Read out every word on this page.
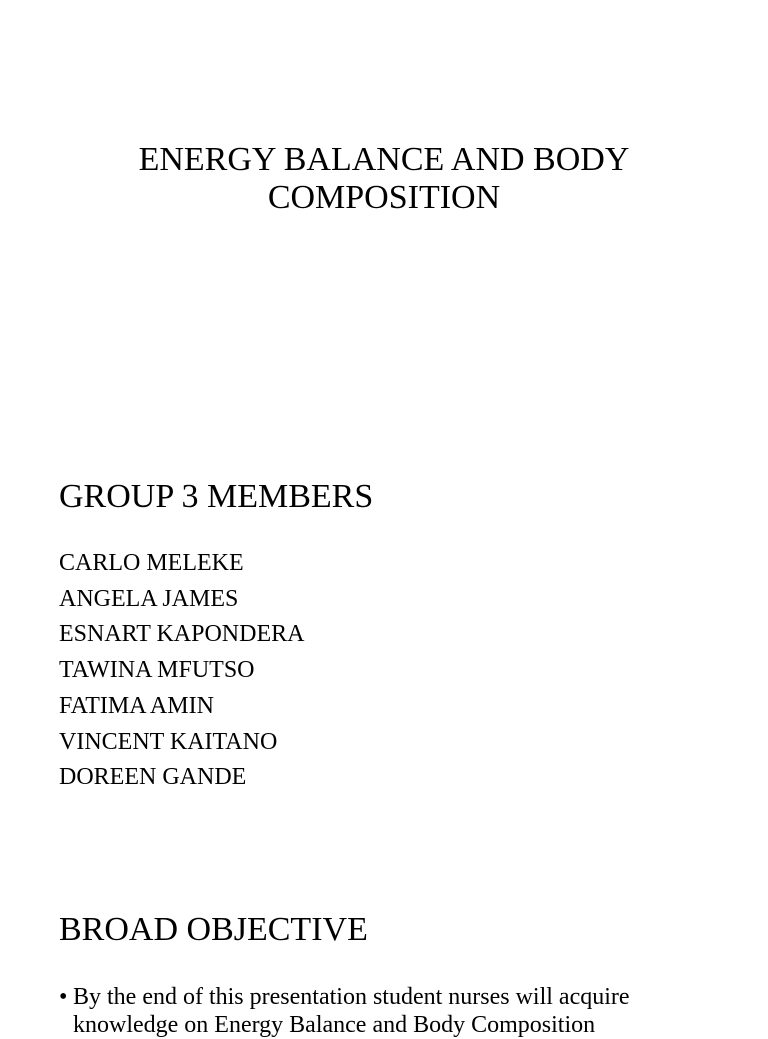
ENERGY BALANCE AND BODY
COMPOSITION
GROUP 3 MEMBERS
CARLO MELEKE
ANGELA JAMES
ESNART KAPONDERA
TAWINA MFUTSO
FATIMA AMIN
VINCENT KAITANO
DOREEN GANDE
BROAD OBJECTIVE
• By the end of this presentation student nurses will acquire knowledge on Energy Balance and Body Composition
